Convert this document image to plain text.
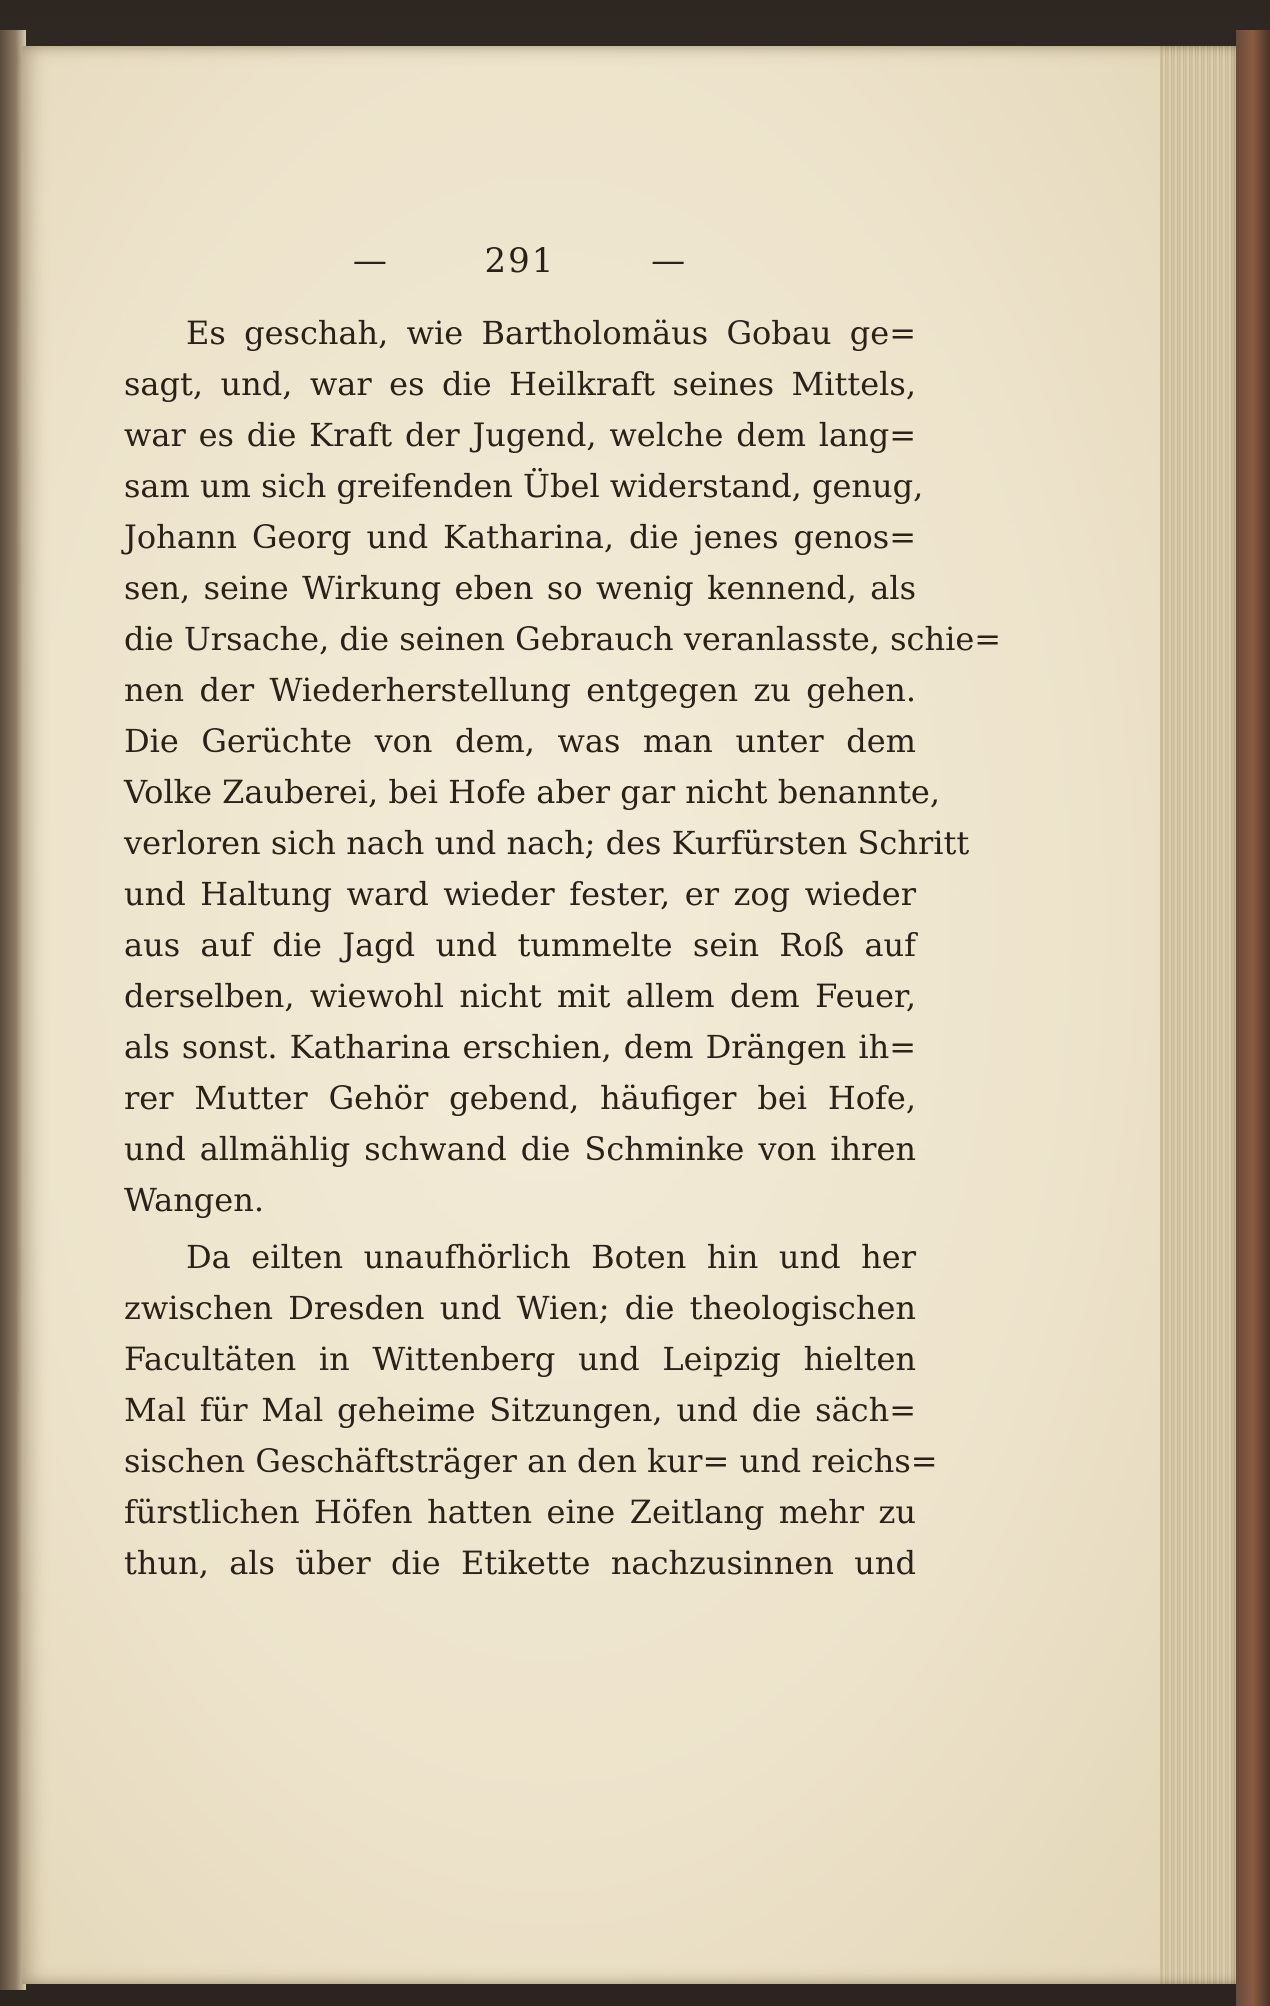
—	291	—
Es geschah, wie Bartholomäus Gobau ge=
sagt, und, war es die Heilkraft seines Mittels,
war es die Kraft der Jugend, welche dem lang=
sam um sich greifenden Übel widerstand, genug,
Johann Georg und Katharina, die jenes genos=
sen, seine Wirkung eben so wenig kennend, als
die Ursache, die seinen Gebrauch veranlasste, schie=
nen der Wiederherstellung entgegen zu gehen.
Die Gerüchte von dem, was man unter dem
Volke Zauberei, bei Hofe aber gar nicht benannte,
verloren sich nach und nach; des Kurfürsten Schritt
und Haltung ward wieder fester, er zog wieder
aus auf die Jagd und tummelte sein Roß auf
derselben, wiewohl nicht mit allem dem Feuer,
als sonst. Katharina erschien, dem Drängen ih=
rer Mutter Gehör gebend, häufiger bei Hofe,
und allmählig schwand die Schminke von ihren
Wangen.
Da eilten unaufhörlich Boten hin und her
zwischen Dresden und Wien; die theologischen
Facultäten in Wittenberg und Leipzig hielten
Mal für Mal geheime Sitzungen, und die säch=
sischen Geschäftsträger an den kur= und reichs=
fürstlichen Höfen hatten eine Zeitlang mehr zu
thun, als über die Etikette nachzusinnen und
